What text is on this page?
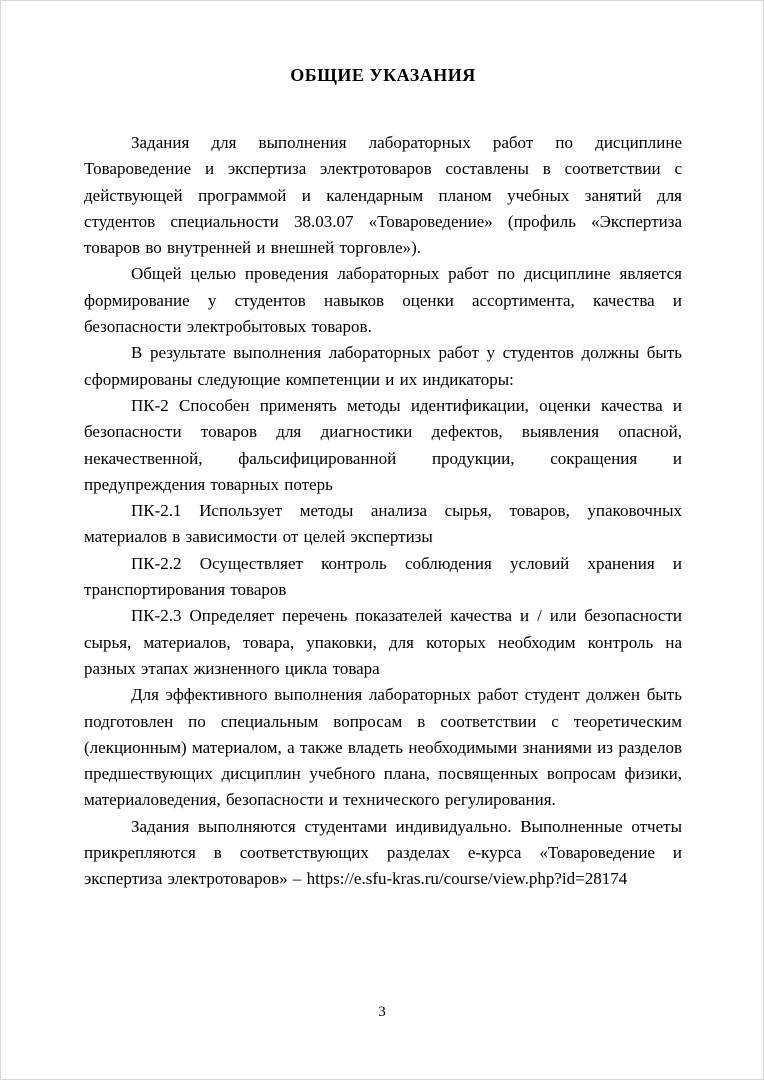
ОБЩИЕ УКАЗАНИЯ

Задания для выполнения лабораторных работ по дисциплине Товароведение и экспертиза электротоваров составлены в соответствии с действующей программой и календарным планом учебных занятий для студентов специальности 38.03.07 «Товароведение» (профиль «Экспертиза товаров во внутренней и внешней торговле»).

Общей целью проведения лабораторных работ по дисциплине является формирование у студентов навыков оценки ассортимента, качества и безопасности электробытовых товаров.

В результате выполнения лабораторных работ у студентов должны быть сформированы следующие компетенции и их индикаторы:

ПК-2 Способен применять методы идентификации, оценки качества и безопасности товаров для диагностики дефектов, выявления опасной, некачественной, фальсифицированной продукции, сокращения и предупреждения товарных потерь

ПК-2.1 Использует методы анализа сырья, товаров, упаковочных материалов в зависимости от целей экспертизы

ПК-2.2 Осуществляет контроль соблюдения условий хранения и транспортирования товаров

ПК-2.3 Определяет перечень показателей качества и / или безопасности сырья, материалов, товара, упаковки, для которых необходим контроль на разных этапах жизненного цикла товара

Для эффективного выполнения лабораторных работ студент должен быть подготовлен по специальным вопросам в соответствии с теоретическим (лекционным) материалом, а также владеть необходимыми знаниями из разделов предшествующих дисциплин учебного плана, посвященных вопросам физики, материаловедения, безопасности и технического регулирования.

Задания выполняются студентами индивидуально. Выполненные отчеты прикрепляются в соответствующих разделах е-курса «Товароведение и экспертиза электротоваров» – https://e.sfu-kras.ru/course/view.php?id=28174

3
